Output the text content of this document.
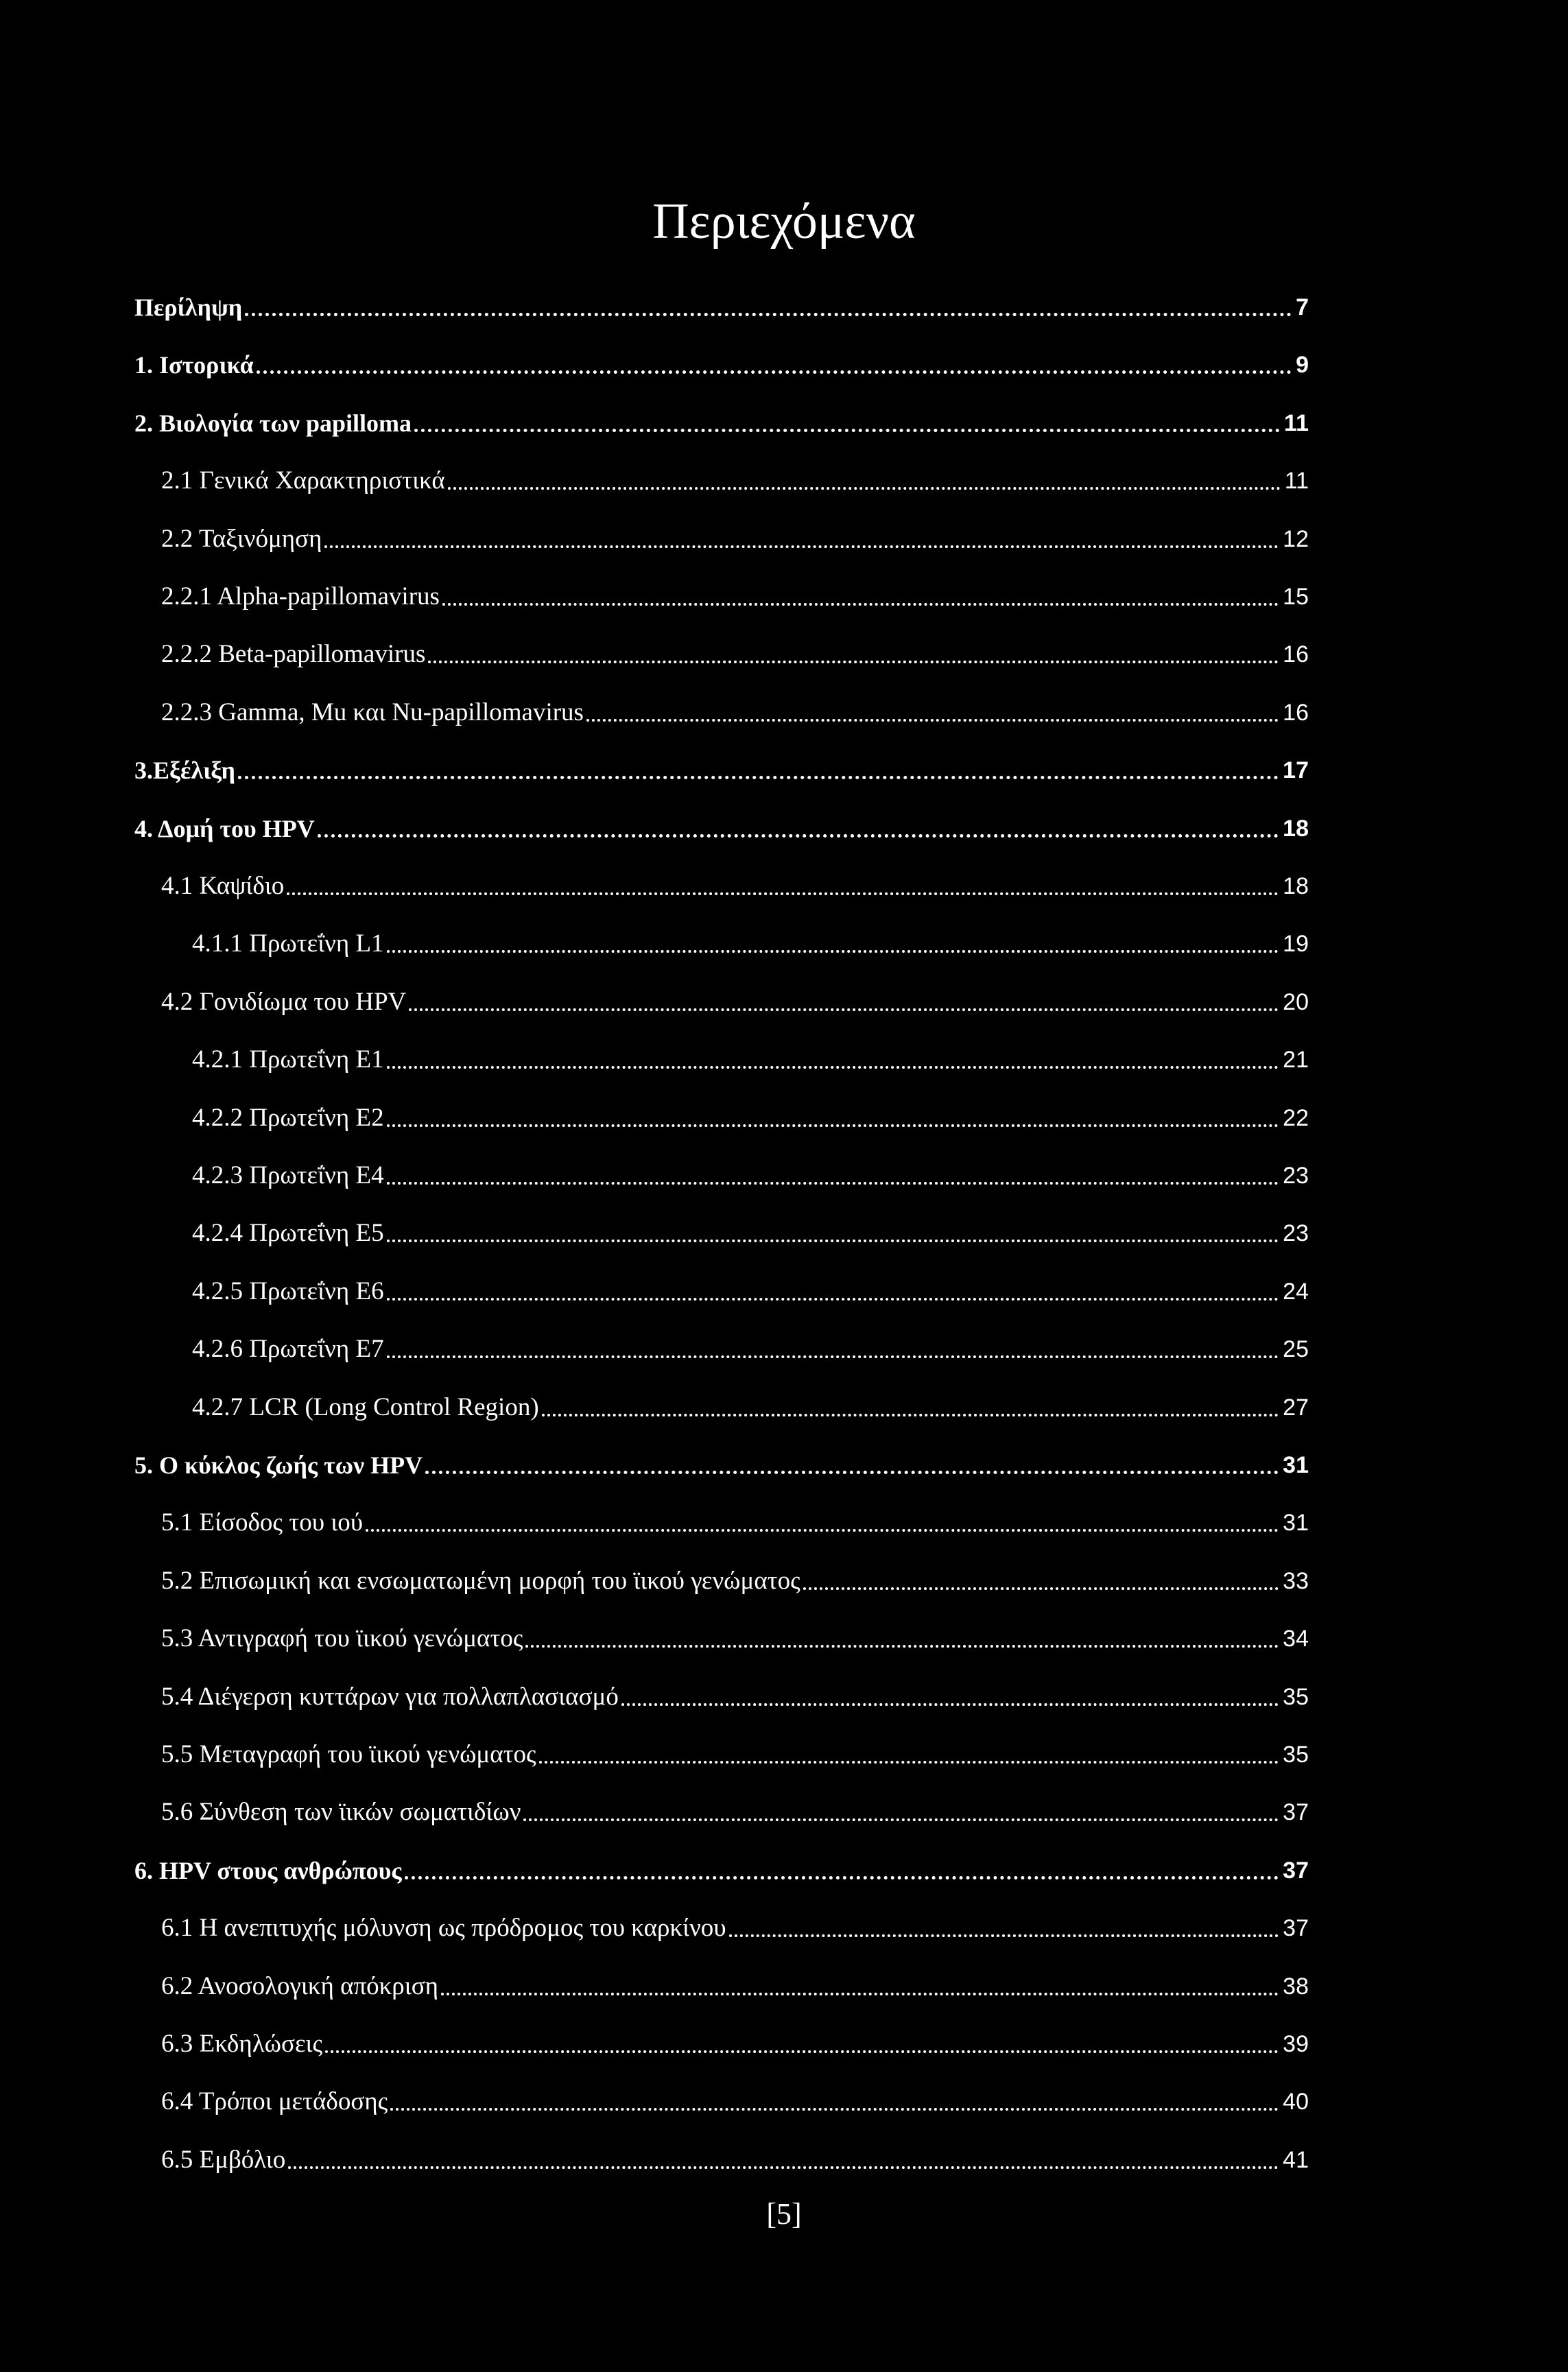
Περιεχόμενα
Περίληψη	7
1. Ιστορικά	9
2. Βιολογία των papilloma	11
2.1 Γενικά Χαρακτηριστικά	11
2.2 Ταξινόμηση	12
2.2.1 Alpha-papillomavirus	15
2.2.2 Beta-papillomavirus	16
2.2.3 Gamma, Mu και Nu-papillomavirus	16
3.Εξέλιξη	17
4. Δομή του HPV	18
4.1 Καψίδιο	18
4.1.1 Πρωτεΐνη L1	19
4.2 Γονιδίωμα του HPV	20
4.2.1 Πρωτεΐνη E1	21
4.2.2 Πρωτεΐνη E2	22
4.2.3 Πρωτεΐνη E4	23
4.2.4 Πρωτεΐνη E5	23
4.2.5 Πρωτεΐνη E6	24
4.2.6 Πρωτεΐνη E7	25
4.2.7 LCR (Long Control Region)	27
5. Ο κύκλος ζωής των HPV	31
5.1 Είσοδος του ιού	31
5.2 Επισωμική και ενσωματωμένη μορφή του ϊικού γενώματος	33
5.3 Αντιγραφή του ϊικού γενώματος	34
5.4 Διέγερση κυττάρων για πολλαπλασιασμό	35
5.5 Μεταγραφή του ϊικού γενώματος	35
5.6 Σύνθεση των ϊικών σωματιδίων	37
6. HPV στους ανθρώπους	37
6.1 Η ανεπιτυχής μόλυνση ως πρόδρομος του καρκίνου	37
6.2 Ανοσολογική απόκριση	38
6.3 Εκδηλώσεις	39
6.4 Τρόποι μετάδοσης	40
6.5 Εμβόλιο	41
[5]
